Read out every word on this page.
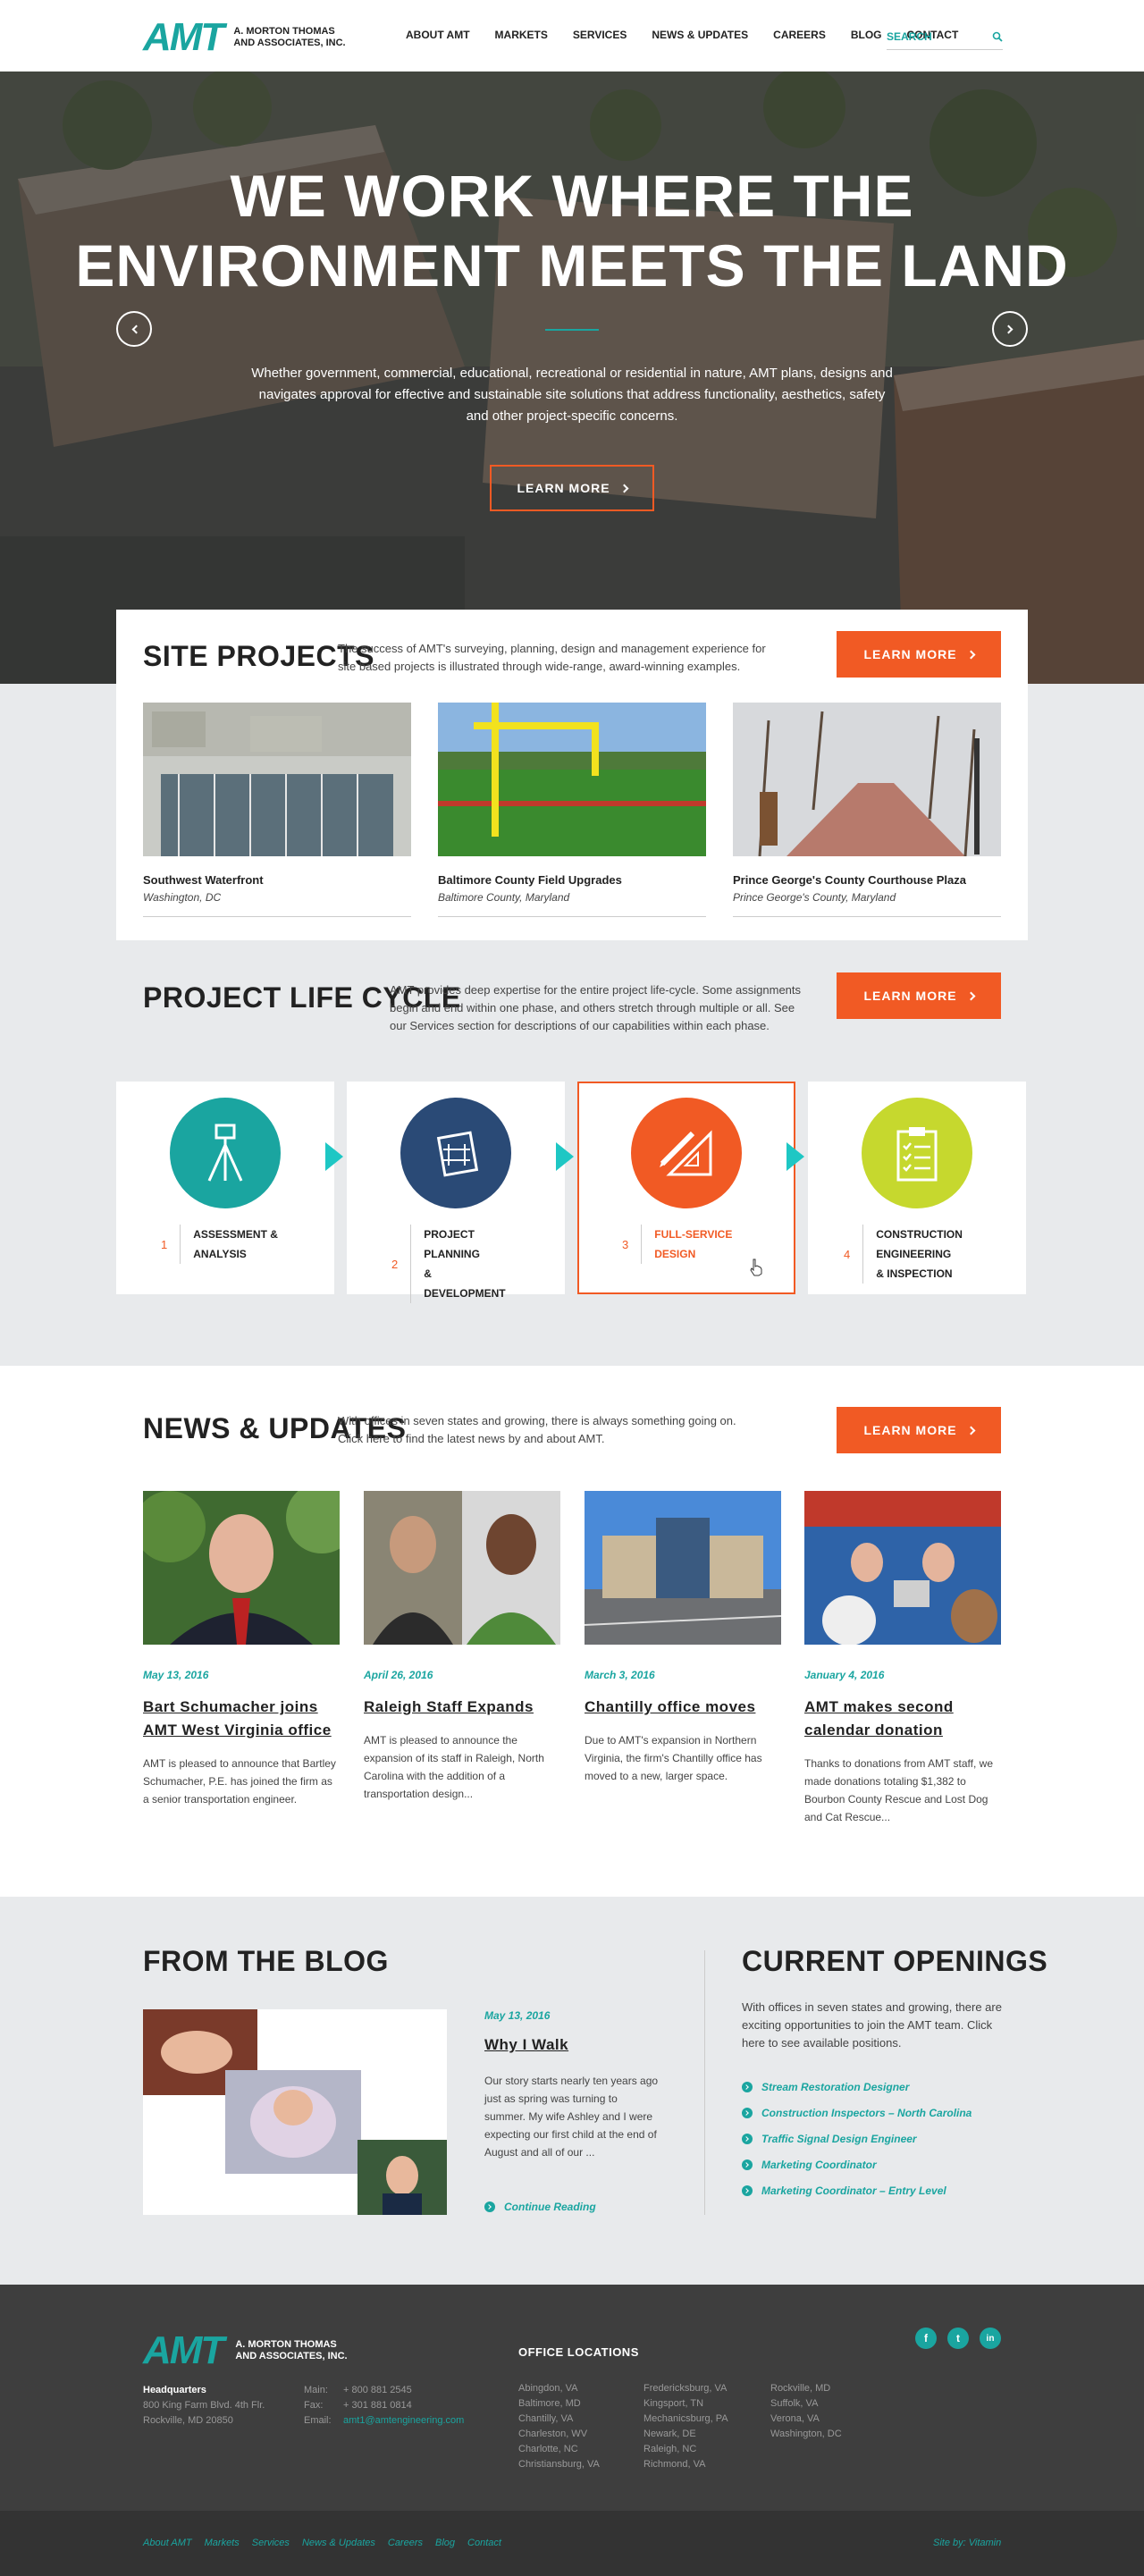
AMT A. MORTON THOMAS
AND ASSOCIATES, INC.
ABOUT AMT MARKETS SERVICES NEWS & UPDATES CAREERS BLOG CONTACT
SEARCH
WE WORK WHERE THE
ENVIRONMENT MEETS THE LAND

Whether government, commercial, educational, recreational or residential in nature, AMT plans, designs and navigates approval for effective and sustainable site solutions that address functionality, aesthetics, safety and other project-specific concerns.

LEARN MORE
SITE PROJECTS

The success of AMT's surveying, planning, design and management experience for site based projects is illustrated through wide-range, award-winning examples.

LEARN MORE
Southwest Waterfront
Washington, DC
Baltimore County Field Upgrades
Baltimore County, Maryland
Prince George's County Courthouse Plaza
Prince George's County, Maryland
PROJECT LIFE CYCLE

AMT provides deep expertise for the entire project life-cycle. Some assignments begin and end within one phase, and others stretch through multiple or all. See our Services section for descriptions of our capabilities within each phase.

LEARN MORE
1
ASSESSMENT &
ANALYSIS
2
PROJECT PLANNING
& DEVELOPMENT
3
FULL-SERVICE
DESIGN	4
CONSTRUCTION ENGINEERING
& INSPECTION
NEWS & UPDATES

With offices in seven states and growing, there is always something going on. Click here to find the latest news by and about AMT.

LEARN MORE
May 13, 2016
Bart Schumacher joins AMT West Virginia office
AMT is pleased to announce that Bartley Schumacher, P.E. has joined the firm as a senior transportation engineer.
April 26, 2016
Raleigh Staff Expands
AMT is pleased to announce the expansion of its staff in Raleigh, North Carolina with the addition of a transportation design...
March 3, 2016
Chantilly office moves
Due to AMT's expansion in Northern Virginia, the firm's Chantilly office has moved to a new, larger space.
January 4, 2016
AMT makes second calendar donation
Thanks to donations from AMT staff, we made donations totaling $1,382 to Bourbon County Rescue and Lost Dog and Cat Rescue...
FROM THE BLOG
May 13, 2016
Why I Walk

Our story starts nearly ten years ago just as spring was turning to summer. My wife Ashley and I were expecting our first child at the end of August and all of our ...

Continue Reading
CURRENT OPENINGS

With offices in seven states and growing, there are exciting opportunities to join the AMT team. Click here to see available positions.

Stream Restoration Designer
Construction Inspectors – North Carolina
Traffic Signal Design Engineer
Marketing Coordinator
Marketing Coordinator – Entry Level
AMT A. MORTON THOMAS
AND ASSOCIATES, INC.
Headquarters
800 King Farm Blvd. 4th Flr.
Rockville, MD 20850
Main: + 800 881 2545
Fax: + 301 881 0814
Email: amt1@amtengineering.com
OFFICE LOCATIONS
Abingdon, VA
Baltimore, MD
Chantilly, VA
Charleston, WV
Charlotte, NC
Christiansburg, VA
Fredericksburg, VA
Kingsport, TN
Mechanicsburg, PA
Newark, DE
Raleigh, NC
Richmond, VA
Rockville, MD
Suffolk, VA
Verona, VA
Washington, DC
f	t	in
About AMT Markets Services News & Updates Careers Blog Contact	Site by: Vitamin
